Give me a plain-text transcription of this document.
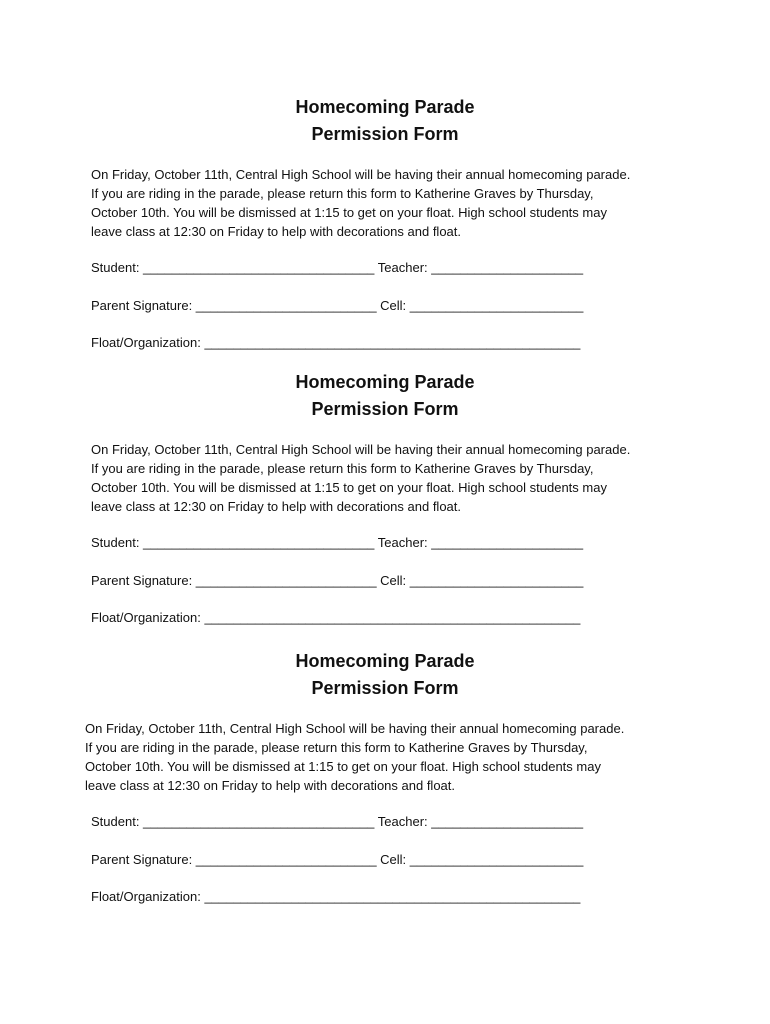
Homecoming Parade
Permission Form

On Friday, October 11th, Central High School will be having their annual homecoming parade.
If you are riding in the parade, please return this form to Katherine Graves by Thursday,
October 10th. You will be dismissed at 1:15 to get on your float. High school students may
leave class at 12:30 on Friday to help with decorations and float.

Student: ________________________________ Teacher: _____________________
Parent Signature: _________________________ Cell: ________________________
Float/Organization: ____________________________________________________
Homecoming Parade
Permission Form

On Friday, October 11th, Central High School will be having their annual homecoming parade.
If you are riding in the parade, please return this form to Katherine Graves by Thursday,
October 10th. You will be dismissed at 1:15 to get on your float. High school students may
leave class at 12:30 on Friday to help with decorations and float.

Student: ________________________________ Teacher: _____________________
Parent Signature: _________________________ Cell: ________________________
Float/Organization: ____________________________________________________
Homecoming Parade
Permission Form

On Friday, October 11th, Central High School will be having their annual homecoming parade.
If you are riding in the parade, please return this form to Katherine Graves by Thursday,
October 10th. You will be dismissed at 1:15 to get on your float. High school students may
leave class at 12:30 on Friday to help with decorations and float.

Student: ________________________________ Teacher: _____________________
Parent Signature: _________________________ Cell: ________________________
Float/Organization: ____________________________________________________
